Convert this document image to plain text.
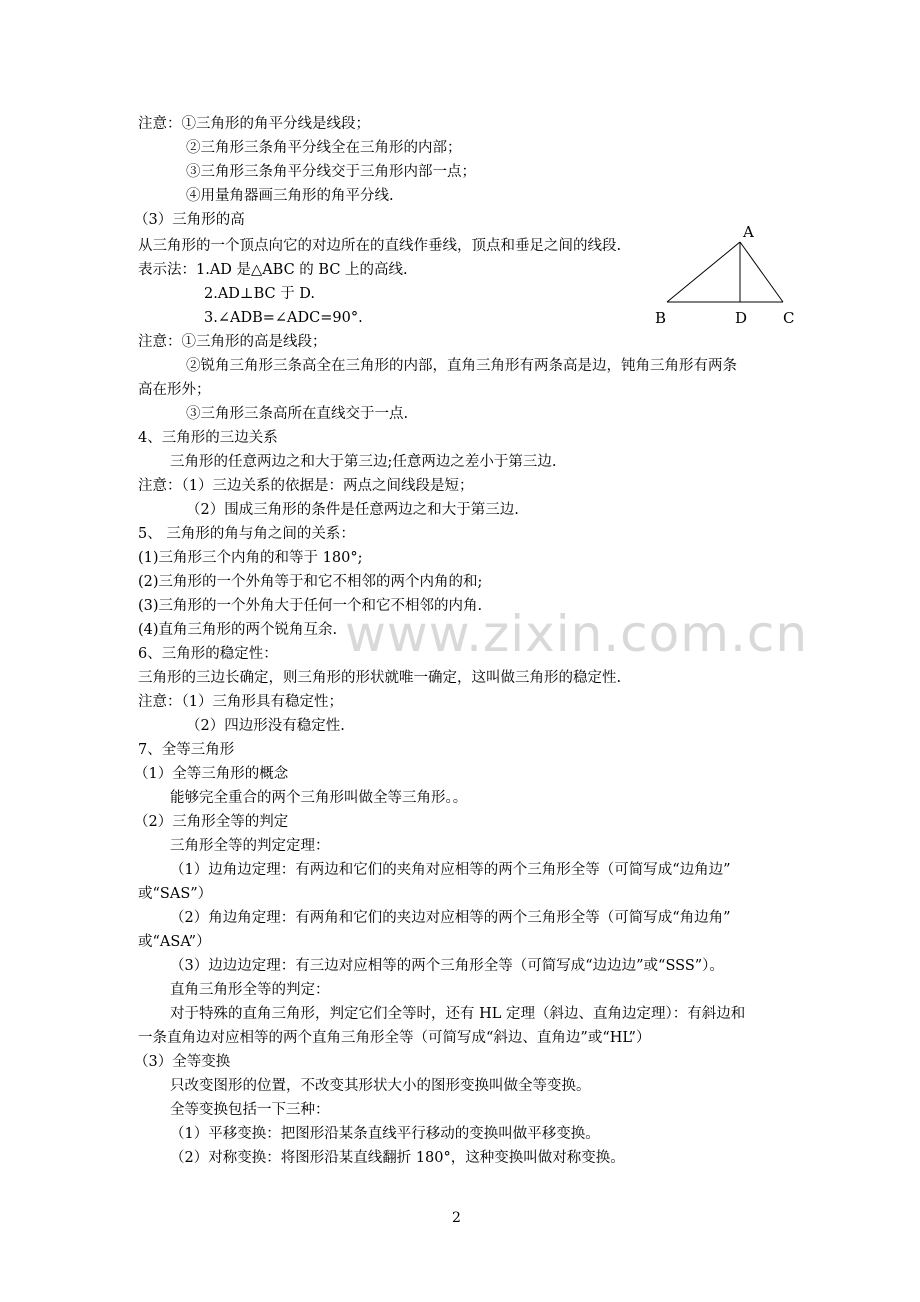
注意：①三角形的角平分线是线段；
②三角形三条角平分线全在三角形的内部；
③三角形三条角平分线交于三角形内部一点；
④用量角器画三角形的角平分线.
（3）三角形的高
从三角形的一个顶点向它的对边所在的直线作垂线，顶点和垂足之间的线段.
表示法：1.AD 是△ABC 的 BC 上的高线.
2.AD⊥BC 于 D.
3.∠ADB=∠ADC=90°.
注意：①三角形的高是线段；
②锐角三角形三条高全在三角形的内部，直角三角形有两条高是边，钝角三角形有两条
高在形外；
③三角形三条高所在直线交于一点.
4、三角形的三边关系
三角形的任意两边之和大于第三边;任意两边之差小于第三边.
注意：（1）三边关系的依据是：两点之间线段是短；
（2）围成三角形的条件是任意两边之和大于第三边.
5、 三角形的角与角之间的关系：
(1)三角形三个内角的和等于 180°;
(2)三角形的一个外角等于和它不相邻的两个内角的和;
(3)三角形的一个外角大于任何一个和它不相邻的内角.
(4)直角三角形的两个锐角互余.
6、三角形的稳定性：
三角形的三边长确定，则三角形的形状就唯一确定，这叫做三角形的稳定性.
注意：（1）三角形具有稳定性；
（2）四边形没有稳定性.
7、全等三角形
（1）全等三角形的概念
能够完全重合的两个三角形叫做全等三角形。。
（2）三角形全等的判定
三角形全等的判定定理：
（1）边角边定理：有两边和它们的夹角对应相等的两个三角形全等（可简写成“边角边”
或“SAS”）
（2）角边角定理：有两角和它们的夹边对应相等的两个三角形全等（可简写成“角边角”
或“ASA”）
（3）边边边定理：有三边对应相等的两个三角形全等（可简写成“边边边”或“SSS”）。
直角三角形全等的判定：
对于特殊的直角三角形，判定它们全等时，还有 HL 定理（斜边、直角边定理）：有斜边和
一条直角边对应相等的两个直角三角形全等（可简写成“斜边、直角边”或“HL”）
（3）全等变换
只改变图形的位置，不改变其形状大小的图形变换叫做全等变换。
全等变换包括一下三种：
（1）平移变换：把图形沿某条直线平行移动的变换叫做平移变换。
（2）对称变换：将图形沿某直线翻折 180°，这种变换叫做对称变换。
A
B	D C
www.zixin.com.cn
2
